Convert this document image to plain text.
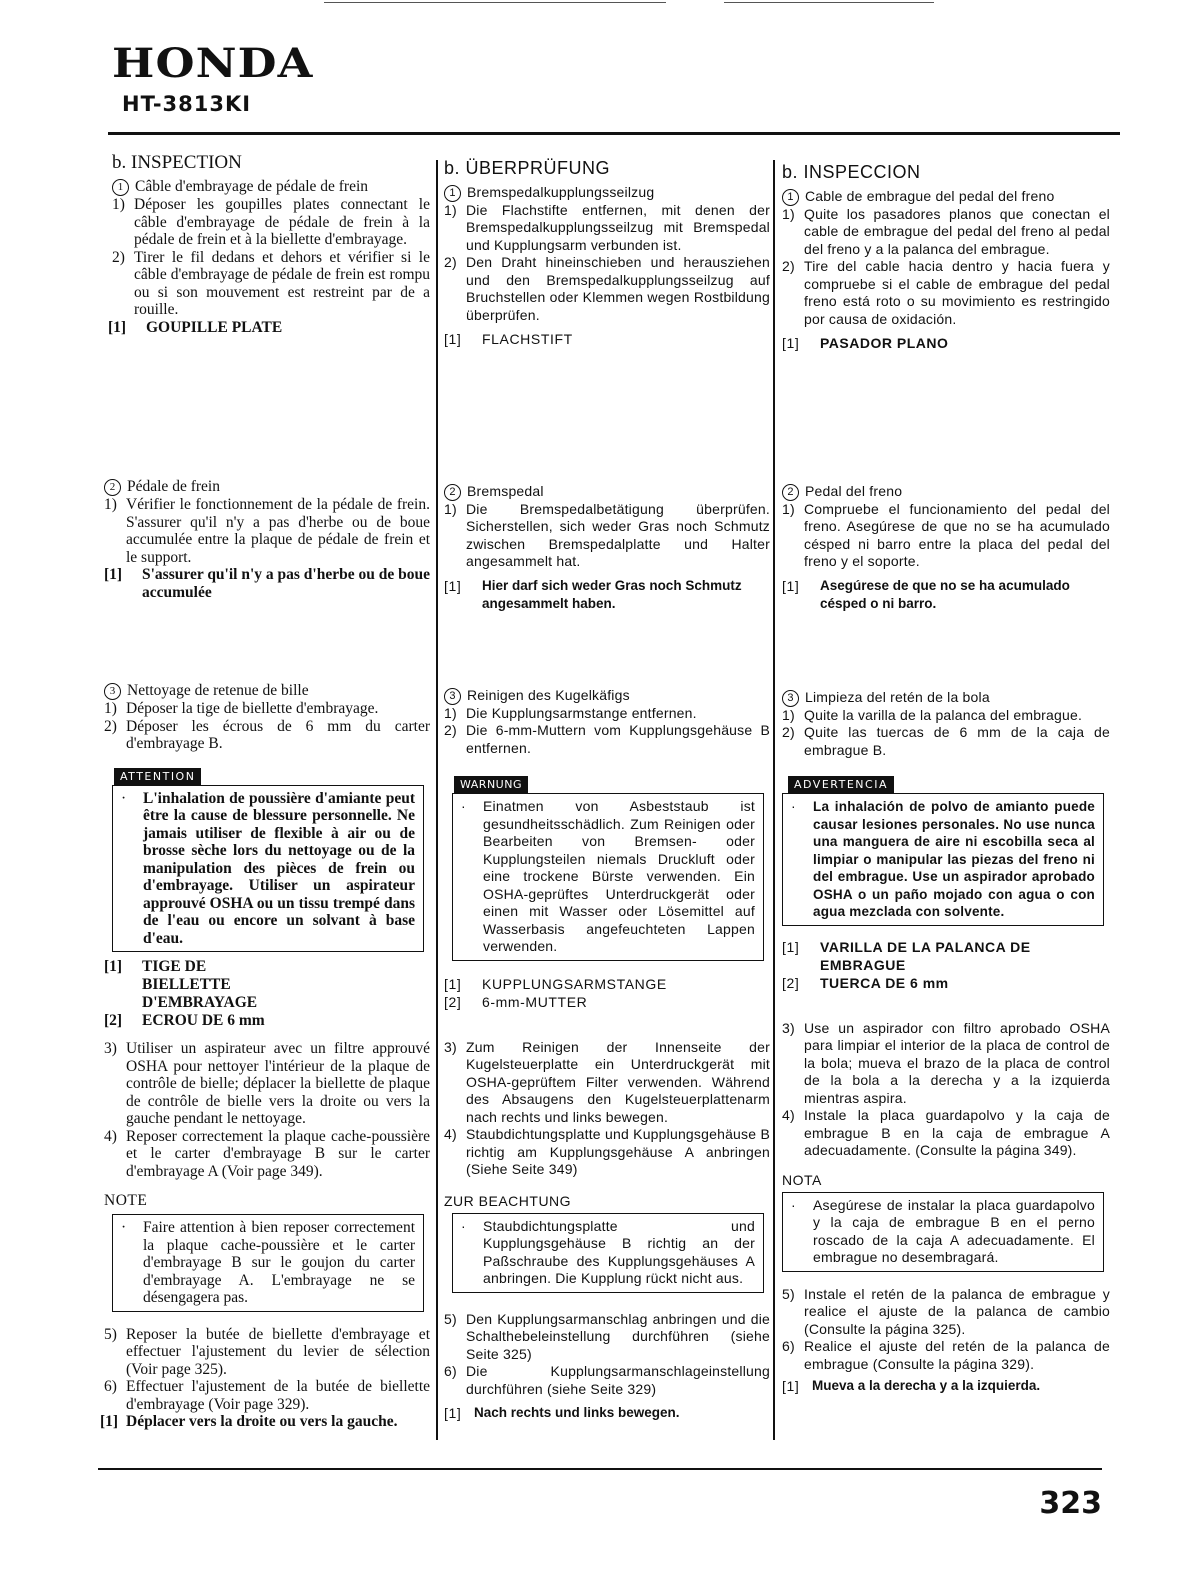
HONDA
HT-3813KI
b. INSPECTION
1 Câble d'embrayage de pédale de frein
1) Déposer les goupilles plates connectant le câble d'embrayage de pédale de frein à la pédale de frein et à la biellette d'embrayage.
2) Tirer le fil dedans et dehors et vérifier si le câble d'embrayage de pédale de frein est rompu ou si son mouvement est restreint par de a rouille.
[1]	GOUPILLE PLATE
2 Pédale de frein
1) Vérifier le fonctionnement de la pédale de frein. S'assurer qu'il n'y a pas d'herbe ou de boue accumulée entre la plaque de pédale de frein et le support.
[1]	S'assurer qu'il n'y a pas d'herbe ou de boue accumulée
3 Nettoyage de retenue de bille
1) Déposer la tige de biellette d'embrayage.
2) Déposer les écrous de 6 mm du carter d'embrayage B.
ATTENTION
·	L'inhalation de poussière d'amiante peut être la cause de blessure personnelle. Ne jamais utiliser de flexible à air ou de brosse sèche lors du nettoyage ou de la manipulation des pièces de frein ou d'embrayage. Utiliser un aspirateur approuvé OSHA ou un tissu trempé dans de l'eau ou encore un solvant à base d'eau.
[1]	TIGE DE BIELLETTE D'EMBRAYAGE
[2]	ECROU DE 6 mm
3) Utiliser un aspirateur avec un filtre approuvé OSHA pour nettoyer l'intérieur de la plaque de contrôle de bielle; déplacer la biellette de plaque de contrôle de bielle vers la droite ou vers la gauche pendant le nettoyage.
4) Reposer correctement la plaque cache-poussière et le carter d'embrayage B sur le carter d'embrayage A (Voir page 349).
NOTE
·	Faire attention à bien reposer correctement la plaque cache-poussière et le carter d'embrayage B sur le goujon du carter d'embrayage A. L'embrayage ne se désengagera pas.
5) Reposer la butée de biellette d'embrayage et effectuer l'ajustement du levier de sélection (Voir page 325).
6) Effectuer l'ajustement de la butée de biellette d'embrayage (Voir page 329).
[1] Déplacer vers la droite ou vers la gauche.
b. ÜBERPRÜFUNG
1 Bremspedalkupplungsseilzug
1) Die Flachstifte entfernen, mit denen der Bremspedalkupplungsseilzug mit Bremspedal und Kupplungsarm verbunden ist.
2) Den Draht hineinschieben und herausziehen und den Bremspedalkupplungsseilzug auf Bruchstellen oder Klemmen wegen Rostbildung überprüfen.
[1]	FLACHSTIFT
2 Bremspedal
1) Die Bremspedalbetätigung überprüfen. Sicherstellen, sich weder Gras noch Schmutz zwischen Bremspedalplatte und Halter angesammelt hat.
[1]	Hier darf sich weder Gras noch Schmutz angesammelt haben.
3 Reinigen des Kugelkäfigs
1) Die Kupplungsarmstange entfernen.
2) Die 6-mm-Muttern vom Kupplungsgehäuse B entfernen.
WARNUNG
·	Einatmen von Asbeststaub ist gesundheitsschädlich. Zum Reinigen oder Bearbeiten von Bremsen- oder Kupplungsteilen niemals Druckluft oder eine trockene Bürste verwenden. Ein OSHA-geprüftes Unterdruckgerät oder einen mit Wasser oder Lösemittel auf Wasserbasis angefeuchteten Lappen verwenden.
[1]	KUPPLUNGSARMSTANGE
[2]	6-mm-MUTTER
3) Zum Reinigen der Innenseite der Kugelsteuerplatte ein Unterdruckgerät mit OSHA-geprüftem Filter verwenden. Während des Absaugens den Kugelsteuerplattenarm nach rechts und links bewegen.
4) Staubdichtungsplatte und Kupplungsgehäuse B richtig am Kupplungsgehäuse A anbringen (Siehe Seite 349)
ZUR BEACHTUNG
·	Staubdichtungsplatte und Kupplungsgehäuse B richtig an der Paßschraube des Kupplungsgehäuses A anbringen. Die Kupplung rückt nicht aus.
5) Den Kupplungsarmanschlag anbringen und die Schalthebeleinstellung durchführen (siehe Seite 325)
6) Die Kupplungsarmanschlageinstellung durchführen (siehe Seite 329)
[1] Nach rechts und links bewegen.
b. INSPECCION
1 Cable de embrague del pedal del freno
1) Quite los pasadores planos que conectan el cable de embrague del pedal del freno al pedal del freno y a la palanca del embrague.
2) Tire del cable hacia dentro y hacia fuera y compruebe si el cable de embrague del pedal freno está roto o su movimiento es restringido por causa de oxidación.
[1]	PASADOR PLANO
2 Pedal del freno
1) Compruebe el funcionamiento del pedal del freno. Asegúrese de que no se ha acumulado césped ni barro entre la placa del pedal del freno y el soporte.
[1]	Asegúrese de que no se ha acumulado césped o ni barro.
3 Limpieza del retén de la bola
1) Quite la varilla de la palanca del embrague.
2) Quite las tuercas de 6 mm de la caja de embrague B.
ADVERTENCIA
·	La inhalación de polvo de amianto puede causar lesiones personales. No use nunca una manguera de aire ni escobilla seca al limpiar o manipular las piezas del freno ni del embrague. Use un aspirador aprobado OSHA o un paño mojado con agua o con agua mezclada con solvente.
[1]	VARILLA DE LA PALANCA DE EMBRAGUE
[2]	TUERCA DE 6 mm
3) Use un aspirador con filtro aprobado OSHA para limpiar el interior de la placa de control de la bola; mueva el brazo de la placa de control de la bola a la derecha y a la izquierda mientras aspira.
4) Instale la placa guardapolvo y la caja de embrague B en la caja de embrague A adecuadamente. (Consulte la página 349).
NOTA
·	Asegúrese de instalar la placa guardapolvo y la caja de embrague B en el perno roscado de la caja A adecuadamente. El embrague no desembragará.
5) Instale el retén de la palanca de embrague y realice el ajuste de la palanca de cambio (Consulte la página 325).
6) Realice el ajuste del retén de la palanca de embrague (Consulte la página 329).
[1] Mueva a la derecha y a la izquierda.
323
